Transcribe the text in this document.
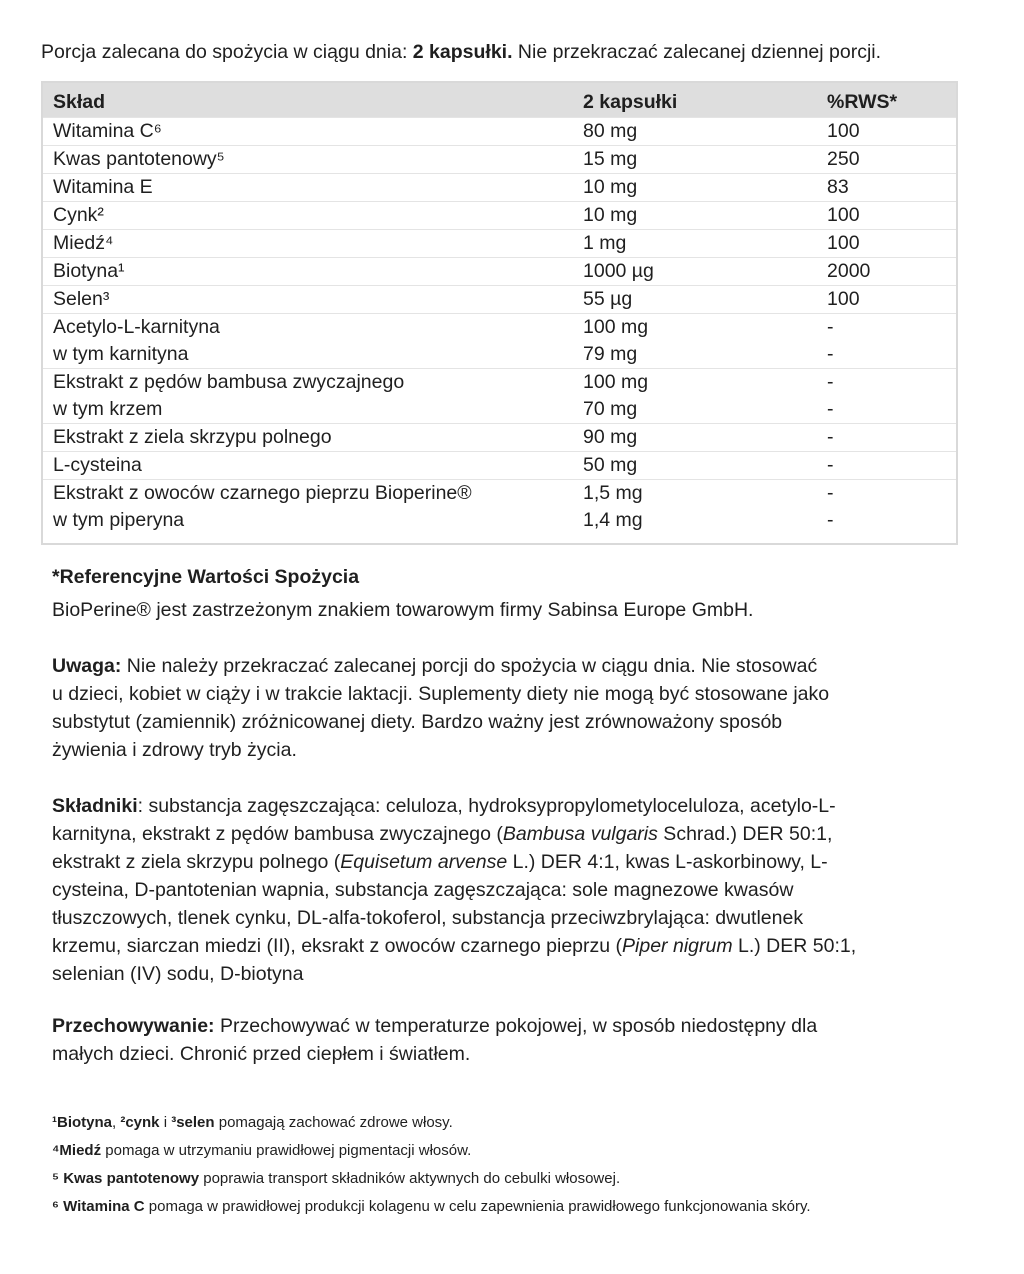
Porcja zalecana do spożycia w ciągu dnia: 2 kapsułki. Nie przekraczać zalecanej dziennej porcji.
Skład	2 kapsułki	%RWS*
Witamina C⁶	80 mg	100
Kwas pantotenowy⁵	15 mg	250
Witamina E	10 mg	83
Cynk²	10 mg	100
Miedź⁴	1 mg	100
Biotyna¹	1000 µg	2000
Selen³	55 µg	100
Acetylo-L-karnityna	100 mg	-
w tym karnityna	79 mg	-
Ekstrakt z pędów bambusa zwyczajnego	100 mg	-
w tym krzem	70 mg	-
Ekstrakt z ziela skrzypu polnego	90 mg	-
L-cysteina	50 mg	-
Ekstrakt z owoców czarnego pieprzu Bioperine®	1,5 mg	-
w tym piperyna	1,4 mg	-
*Referencyjne Wartości Spożycia
BioPerine® jest zastrzeżonym znakiem towarowym firmy Sabinsa Europe GmbH.
Uwaga: Nie należy przekraczać zalecanej porcji do spożycia w ciągu dnia. Nie stosować
u dzieci, kobiet w ciąży i w trakcie laktacji. Suplementy diety nie mogą być stosowane jako
substytut (zamiennik) zróżnicowanej diety. Bardzo ważny jest zrównoważony sposób
żywienia i zdrowy tryb życia.
Składniki: substancja zagęszczająca: celuloza, hydroksypropylometyloceluloza, acetylo-L-
karnityna, ekstrakt z pędów bambusa zwyczajnego (Bambusa vulgaris Schrad.) DER 50:1,
ekstrakt z ziela skrzypu polnego (Equisetum arvense L.) DER 4:1, kwas L-askorbinowy, L-
cysteina, D-pantotenian wapnia, substancja zagęszczająca: sole magnezowe kwasów
tłuszczowych, tlenek cynku, DL-alfa-tokoferol, substancja przeciwzbrylająca: dwutlenek
krzemu, siarczan miedzi (II), eksrakt z owoców czarnego pieprzu (Piper nigrum L.) DER 50:1,
selenian (IV) sodu, D-biotyna
Przechowywanie: Przechowywać w temperaturze pokojowej, w sposób niedostępny dla
małych dzieci. Chronić przed ciepłem i światłem.
¹Biotyna, ²cynk i ³selen pomagają zachować zdrowe włosy.
⁴Miedź pomaga w utrzymaniu prawidłowej pigmentacji włosów.
⁵ Kwas pantotenowy poprawia transport składników aktywnych do cebulki włosowej.
⁶ Witamina C pomaga w prawidłowej produkcji kolagenu w celu zapewnienia prawidłowego funkcjonowania skóry.
